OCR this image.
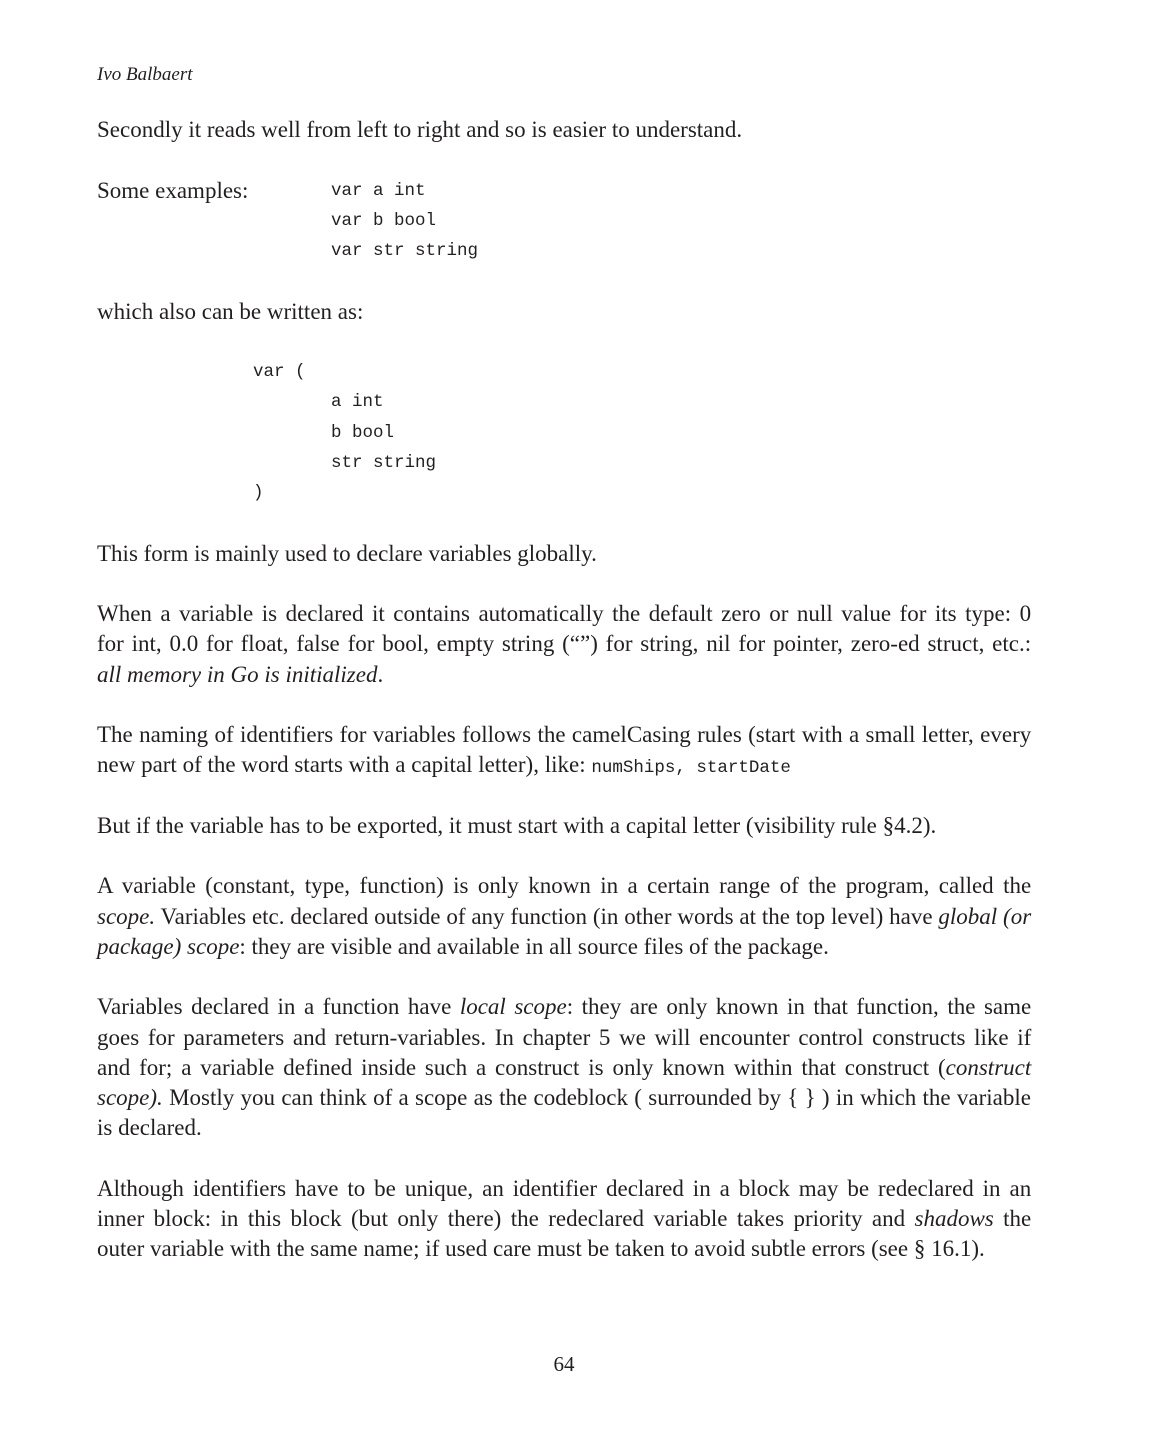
Ivo Balbaert
Secondly it reads well from left to right and so is easier to understand.
Some examples:	var a int
var b bool
var str string
which also can be written as:
var (
a int
b bool
str string
)
This form is mainly used to declare variables globally.
When a variable is declared it contains automatically the default zero or null value for its type: 0
for int, 0.0 for float, false for bool, empty string (“”) for string, nil for pointer, zero-ed struct, etc.:
all memory in Go is initialized.
The naming of identifiers for variables follows the camelCasing rules (start with a small letter, every
new part of the word starts with a capital letter), like: numShips, startDate
But if the variable has to be exported, it must start with a capital letter (visibility rule §4.2).
A variable (constant, type, function) is only known in a certain range of the program, called the
scope. Variables etc. declared outside of any function (in other words at the top level) have global (or
package) scope: they are visible and available in all source files of the package.
Variables declared in a function have local scope: they are only known in that function, the same
goes for parameters and return-variables. In chapter 5 we will encounter control constructs like if
and for; a variable defined inside such a construct is only known within that construct (construct
scope). Mostly you can think of a scope as the codeblock ( surrounded by { } ) in which the variable
is declared.
Although identifiers have to be unique, an identifier declared in a block may be redeclared in an
inner block: in this block (but only there) the redeclared variable takes priority and shadows the
outer variable with the same name; if used care must be taken to avoid subtle errors (see § 16.1).
64
